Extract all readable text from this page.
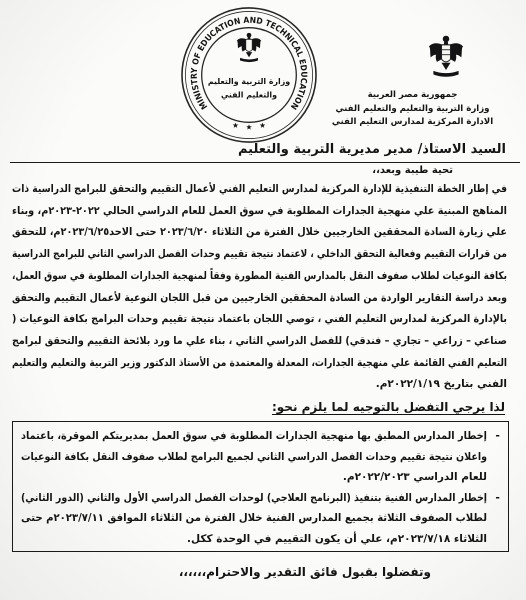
جمهورية مصر العربية
وزارة التربية والتعليم والتعليم الفني
الادارة المركزية لمدارس التعليم الفني
MINISTRY OF EDUCATION AND TECHNICAL EDUCATION
وزارة التربية والتعليم
والتعليم الفني
السيد الاستاذ/ مدير مديرية التربية والتعليم
تحية طيبة وبعد،،
في إطار الخطة التنفيذية للإدارة المركزية لمدارس التعليم الفني لأعمال التقييم والتحقق للبرامج الدراسية ذات
المناهج المبنية علي منهجية الجدارات المطلوبة في سوق العمل للعام الدراسي الحالي ٢٠٢٢-٢٠٢٣م، وبناء
علي زيارة السادة المحققين الخارجيين خلال الفترة من الثلاثاء ٢٠٢٣/٦/٢٠ حتى الاحد٢٠٢٣/٦/٢٥م، للتحقق
من قرارات التقييم وفعالية التحقق الداخلي ، لاعتماد نتيجة تقييم وحدات الفصل الدراسي الثاني للبرامج الدراسية
بكافة النوعيات لطلاب صفوف النقل بالمدارس الفنية المطورة وفقاً لمنهجية الجدارات المطلوبة في سوق العمل،
وبعد دراسة التقارير الواردة من السادة المحققين الخارجيين من قبل اللجان النوعية لأعمال التقييم والتحقق
بالإدارة المركزية لمدارس التعليم الفني ، توصي اللجان باعتماد نتيجة تقييم وحدات البرامج بكافة النوعيات (
صناعي – زراعي – تجاري – فندقي) للفصل الدراسي الثاني ، بناء علي ما ورد بلائحة التقييم والتحقق لبرامج
التعليم الفني القائمة علي منهجية الجدارات، المعدلة والمعتمدة من الأستاذ الدكتور وزير التربية والتعليم والتعليم
الفني بتاريخ ٢٠٢٢/١/١٩م.
لذا يرجي التفضل بالتوجيه لما يلزم نحو:
-
إخطار المدارس المطبق بها منهجية الجدارات المطلوبة في سوق العمل بمديريتكم الموقرة، باعتماد
واعلان نتيجة تقييم وحدات الفصل الدراسي الثاني لجميع البرامج لطلاب صفوف النقل بكافة النوعيات
للعام الدراسي ٢٠٢٢/٢٠٢٣م.
-
إخطار المدارس الفنية بتنفيذ (البرنامج العلاجي) لوحدات الفصل الدراسي الأول والثاني (الدور الثاني)
لطلاب الصفوف الثلاثة بجميع المدارس الفنية خلال الفترة من الثلاثاء الموافق ٢٠٢٣/٧/١١م حتى
الثلاثاء ٢٠٢٣/٧/١٨م، علي أن يكون التقييم في الوحدة ككل.
وتفضلوا بقبول فائق التقدير والاحترام،،،،،،
